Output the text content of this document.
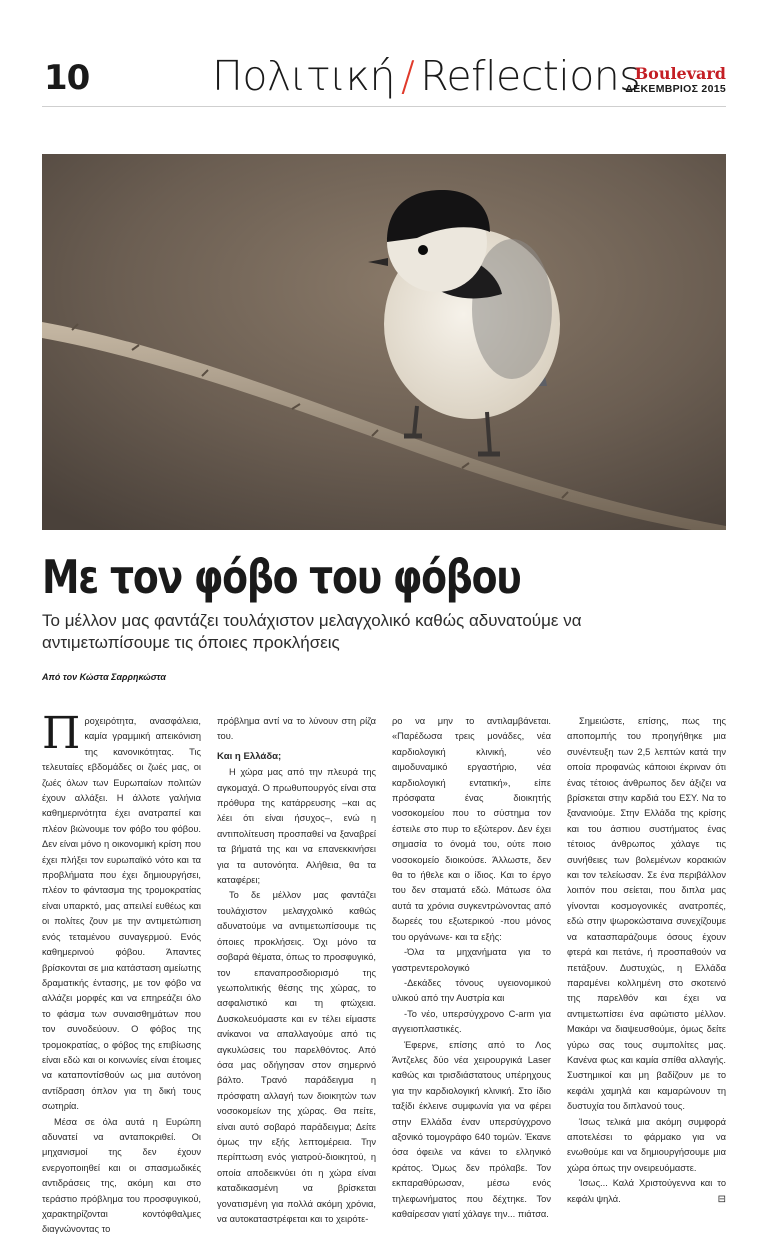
10	Πολιτική / Reflections
Boulevard
ΔΕΚΕΜΒΡΙΟΣ 2015
Με τον φόβο του φόβου
Το μέλλον μας φαντάζει τουλάχιστον μελαγχολικό καθώς αδυνατούμε να αντιμετωπίσουμε τις όποιες προκλήσεις
Από τον Κώστα Σαρρηκώστα

Προχειρότητα, ανασφάλεια, καμία γραμμική απεικόνιση της κανονικότητας. Τις τελευταίες εβδομάδες οι ζωές μας, οι ζωές όλων των Ευρωπαίων πολιτών έχουν αλλάξει. Η άλλοτε γαλήνια καθημερινότητα έχει ανατραπεί και πλέον βιώνουμε τον φόβο του φόβου. Δεν είναι μόνο η οικονομική κρίση που έχει πλήξει τον ευρωπαϊκό νότο και τα προβλήματα που έχει δημιουργήσει, πλέον το φάντασμα της τρομοκρατίας είναι υπαρκτό, μας απειλεί ευθέως και οι πολίτες ζουν με την αντιμετώπιση ενός τεταμένου συναγερμού. Ενός καθημερινού φόβου. Άπαντες βρίσκονται σε μια κατάσταση αμείωτης δραματικής έντασης, με τον φόβο να αλλάζει μορφές και να επηρεάζει όλο το φάσμα των συναισθημάτων που τον συνοδεύουν. Ο φόβος της τρομοκρατίας, ο φόβος της επιβίωσης είναι εδώ και οι κοινωνίες είναι έτοιμες να καταποντίσθούν ως μια αυτόνοη αντίδραση όπλον για τη δική τους σωτηρία.

Μέσα σε όλα αυτά η Ευρώπη αδυνατεί να ανταποκριθεί. Οι μηχανισμοί της δεν έχουν ενεργοποιηθεί και οι σπασμωδικές αντιδράσεις της, ακόμη και στο τεράστιο πρόβλημα του προσφυγικού, χαρακτηρίζονται κοντόφθαλμες διαγνώνοντας το

πρόβλημα αντί να το λύνουν στη ρίζα του.

Και η Ελλάδα;

Η χώρα μας από την πλευρά της αγκομαχά. Ο πρωθυπουργός είναι στα πρόθυρα της κατάρρευσης –και ας λέει ότι είναι ήσυχος–, ενώ η αντιπολίτευση προσπαθεί να ξαναβρεί τα βήματά της και να επανεκκινήσει για τα αυτονόητα. Αλήθεια, θα τα καταφέρει;

Το δε μέλλον μας φαντάζει τουλάχιστον μελαγχολικό καθώς αδυνατούμε να αντιμετωπίσουμε τις όποιες προκλήσεις. Όχι μόνο τα σοβαρά θέματα, όπως το προσφυγικό, τον επαναπροσδιορισμό της γεωπολιτικής θέσης της χώρας, το ασφαλιστικό και τη φτώχεια. Δυσκολευόμαστε και εν τέλει είμαστε ανίκανοι να απαλλαγούμε από τις αγκυλώσεις του παρελθόντος. Από όσα μας οδήγησαν στον σημερινό βάλτο. Τρανό παράδειγμα η πρόσφατη αλλαγή των διοικητών των νοσοκομείων της χώρας. Θα πείτε, είναι αυτό σοβαρό παράδειγμα; Δείτε όμως την εξής λεπτομέρεια. Την περίπτωση ενός γιατρού-διοικητού, η οποία αποδεικνύει ότι η χώρα είναι καταδικασμένη να βρίσκεται γονατισμένη για πολλά ακόμη χρόνια, να αυτοκαταστρέφεται και το χειρότε-

ρο να μην το αντιλαμβάνεται. «Παρέδωσα τρεις μονάδες, νέα καρδιολογική κλινική, νέο αιμοδυναμικό εργαστήριο, νέα καρδιολογική εντατική», είπε πρόσφατα ένας διοικητής νοσοκομείου που το σύστημα τον έστειλε στο πυρ το εξώτερον. Δεν έχει σημασία το όνομά του, ούτε ποιο νοσοκομείο διοικούσε. Άλλωστε, δεν θα το ήθελε και ο ίδιος. Και το έργο του δεν σταματά εδώ. Μάτωσε όλα αυτά τα χρόνια συγκεντρώνοντας από δωρεές του εξωτερικού -που μόνος του οργάνωνε- και τα εξής:

-Όλα τα μηχανήματα για το γαστρεντερολογικό

-Δεκάδες τόνους υγειονομικού υλικού από την Αυστρία και

-Το νέο, υπερσύγχρονο C-arm για αγγειοπλαστικές.

Έφερνε, επίσης από το Λος Άντζελες δύο νέα χειρουργικά Laser καθώς και τρισδιάστατους υπέρηχους για την καρδιολογική κλινική. Στο ίδιο ταξίδι έκλεινε συμφωνία για να φέρει στην Ελλάδα έναν υπερσύγχρονο αξονικό τομογράφο 640 τομών. Έκανε όσα όφειλε να κάνει το ελληνικό κράτος. Όμως δεν πρόλαβε. Τον εκπαραθύρωσαν, μέσω ενός τηλεφωνήματος που δέχτηκε. Τον καθαίρεσαν γιατί χάλαγε την... πιάτσα.

Σημειώστε, επίσης, πως της αποπομπής του προηγήθηκε μια συνέντευξη των 2,5 λεπτών κατά την οποία προφανώς κάποιοι έκριναν ότι ένας τέτοιος άνθρωπος δεν άξιζει να βρίσκεται στην καρδιά του ΕΣΥ. Να το ξανανιούμε. Στην Ελλάδα της κρίσης και του άσπιου συστήματος ένας τέτοιος άνθρωπος χάλαγε τις συνήθειες των βολεμένων κορακιών και τον τελείωσαν. Σε ένα περιβάλλον λοιπόν που σείεται, που διπλα μας γίνονται κοσμογονικές ανατροπές, εδώ στην ψωροκώσταινα συνεχίζουμε να κατασπαράζουμε όσους έχουν φτερά και πετάνε, ή προσπαθούν να πετάξουν. Δυστυχώς, η Ελλάδα παραμένει κολλημένη στο σκοτεινό της παρελθόν και έχει να αντιμετωπίσει ένα αφώτιστο μέλλον. Μακάρι να διαψευσθούμε, όμως δείτε γύρω σας τους συμπολίτες μας. Κανένα φως και καμία σπίθα αλλαγής. Συστημικοί και μη βαδίζουν με το κεφάλι χαμηλά και καμαρώνουν τη δυστυχία του διπλανού τους.

Ίσως τελικά μια ακόμη συμφορά αποτελέσει το φάρμακο για να ενωθούμε και να δημιουργήσουμε μια χώρα όπως την ονειρευόμαστε.

Ίσως... Καλά Χριστούγεννα και το κεφάλι ψηλά.	⊟
